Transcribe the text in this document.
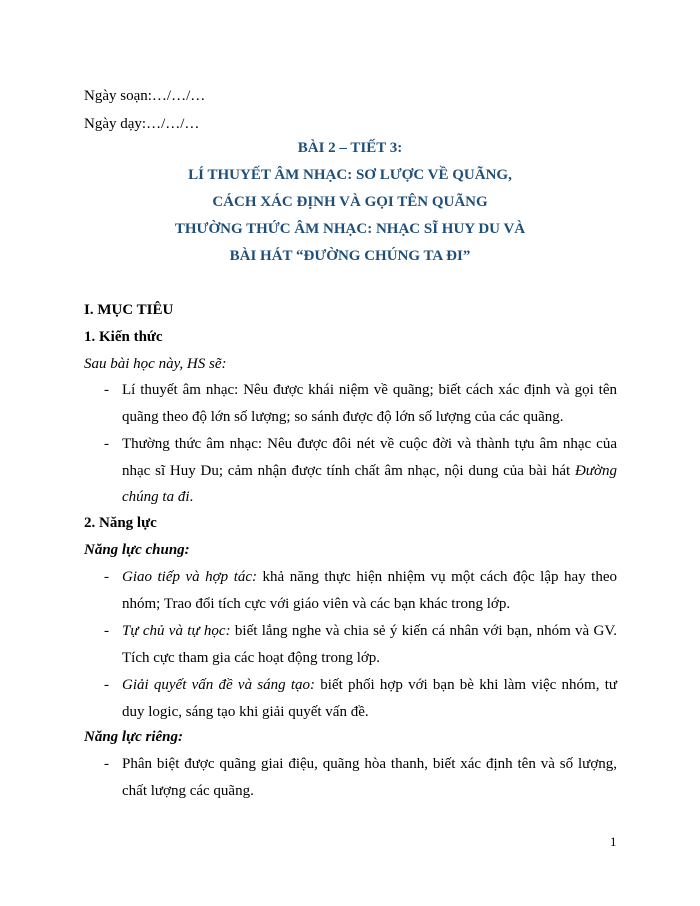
Ngày soạn:…/…/…
Ngày dạy:…/…/…
BÀI 2 – TIẾT 3:
LÍ THUYẾT ÂM NHẠC: SƠ LƯỢC VỀ QUÃNG,
CÁCH XÁC ĐỊNH VÀ GỌI TÊN QUÃNG
THƯỜNG THỨC ÂM NHẠC: NHẠC SĨ HUY DU VÀ
BÀI HÁT “ĐƯỜNG CHÚNG TA ĐI”
I. MỤC TIÊU
1. Kiến thức
Sau bài học này, HS sẽ:
- Lí thuyết âm nhạc: Nêu được khái niệm về quãng; biết cách xác định và gọi tên quãng theo độ lớn số lượng; so sánh được độ lớn số lượng của các quãng.
- Thường thức âm nhạc: Nêu được đôi nét về cuộc đời và thành tựu âm nhạc của nhạc sĩ Huy Du; cảm nhận được tính chất âm nhạc, nội dung của bài hát Đường chúng ta đi.
2. Năng lực
Năng lực chung:
- Giao tiếp và hợp tác: khả năng thực hiện nhiệm vụ một cách độc lập hay theo nhóm; Trao đổi tích cực với giáo viên và các bạn khác trong lớp.
- Tự chủ và tự học: biết lắng nghe và chia sẻ ý kiến cá nhân với bạn, nhóm và GV. Tích cực tham gia các hoạt động trong lớp.
- Giải quyết vấn đề và sáng tạo: biết phối hợp với bạn bè khi làm việc nhóm, tư duy logic, sáng tạo khi giải quyết vấn đề.
Năng lực riêng:
- Phân biệt được quãng giai điệu, quãng hòa thanh, biết xác định tên và số lượng, chất lượng các quãng.
1
